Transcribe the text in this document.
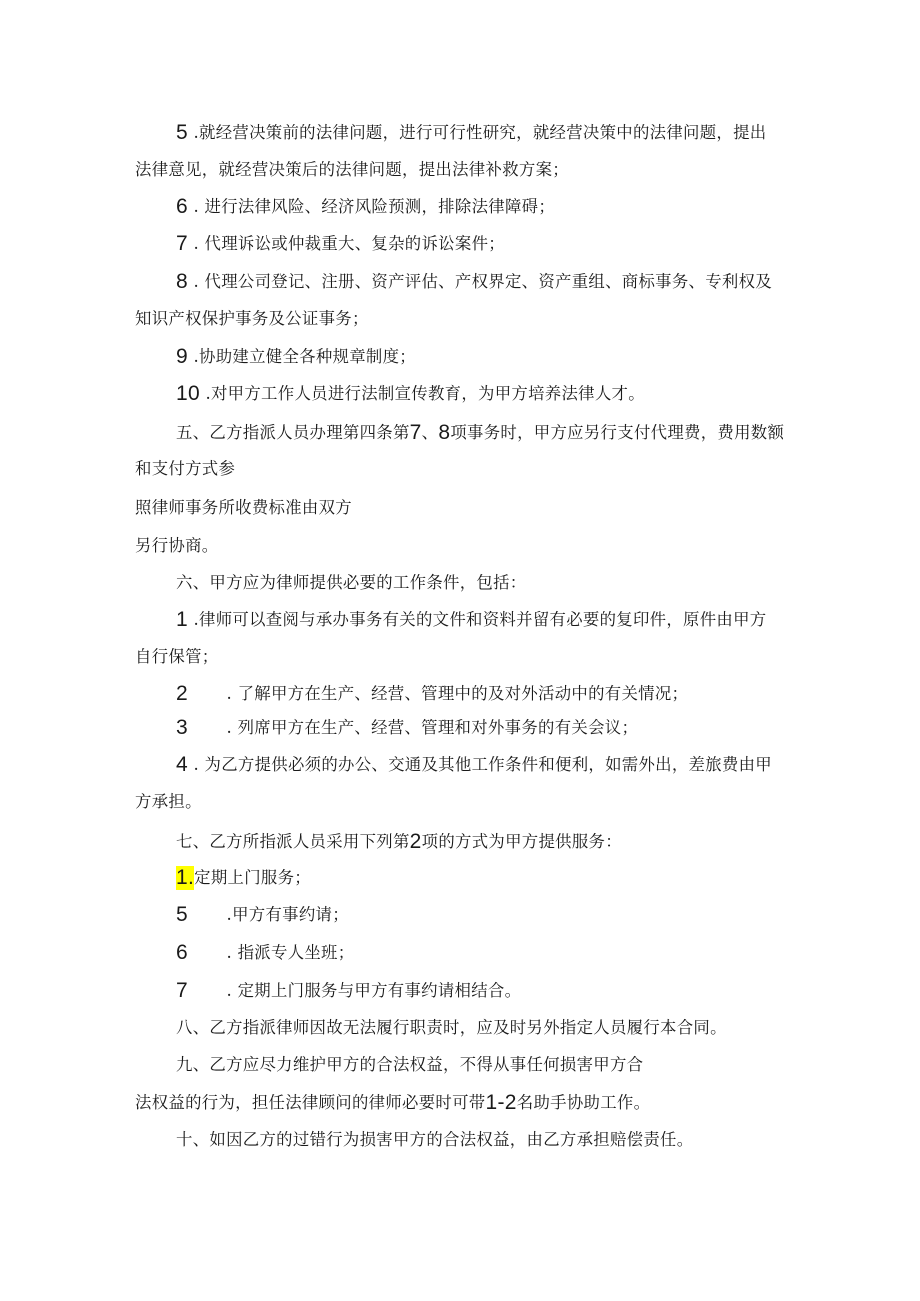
5 .就经营决策前的法律问题，进行可行性研究，就经营决策中的法律问题，提出
法律意见，就经营决策后的法律问题，提出法律补救方案；
6 . 进行法律风险、经济风险预测，排除法律障碍；
7 . 代理诉讼或仲裁重大、复杂的诉讼案件；
8 . 代理公司登记、注册、资产评估、产权界定、资产重组、商标事务、专利权及
知识产权保护事务及公证事务；
9 .协助建立健全各种规章制度；
10 .对甲方工作人员进行法制宣传教育，为甲方培养法律人才。
五、乙方指派人员办理第四条第7、8项事务时，甲方应另行支付代理费，费用数额
和支付方式参
照律师事务所收费标准由双方
另行协商。
六、甲方应为律师提供必要的工作条件，包括：
1 .律师可以查阅与承办事务有关的文件和资料并留有必要的复印件，原件由甲方
自行保管；
2       . 了解甲方在生产、经营、管理中的及对外活动中的有关情况；
3       . 列席甲方在生产、经营、管理和对外事务的有关会议；
4 . 为乙方提供必须的办公、交通及其他工作条件和便利，如需外出，差旅费由甲
方承担。
七、乙方所指派人员采用下列第2项的方式为甲方提供服务：
1.定期上门服务；
5       .甲方有事约请；
6       . 指派专人坐班；
7       . 定期上门服务与甲方有事约请相结合。
八、乙方指派律师因故无法履行职责时，应及时另外指定人员履行本合同。
九、乙方应尽力维护甲方的合法权益，不得从事任何损害甲方合
法权益的行为，担任法律顾问的律师必要时可带1-2名助手协助工作。
十、如因乙方的过错行为损害甲方的合法权益，由乙方承担赔偿责任。
